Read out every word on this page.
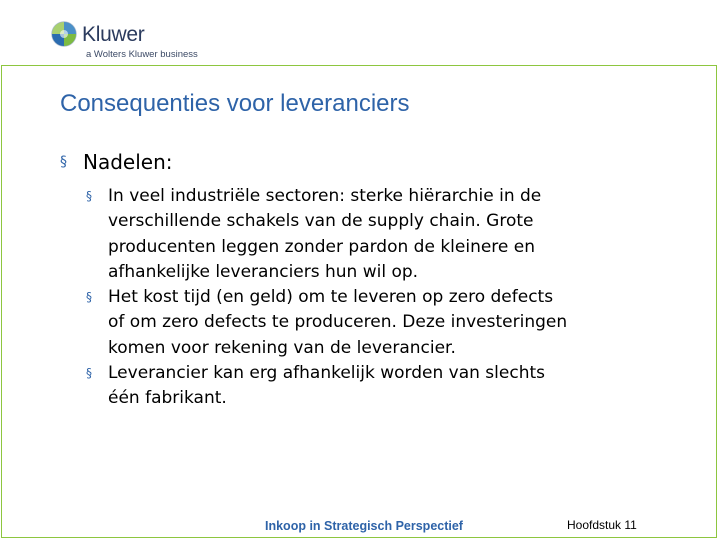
Kluwer
a Wolters Kluwer business
Consequenties voor leveranciers
§ Nadelen:
§ In veel industriële sectoren: sterke hiërarchie in de
verschillende schakels van de supply chain. Grote
producenten leggen zonder pardon de kleinere en
afhankelijke leveranciers hun wil op.
§ Het kost tijd (en geld) om te leveren op zero defects
of om zero defects te produceren. Deze investeringen
komen voor rekening van de leverancier.
§ Leverancier kan erg afhankelijk worden van slechts
één fabrikant.
Inkoop in Strategisch Perspectief	Hoofdstuk 11
